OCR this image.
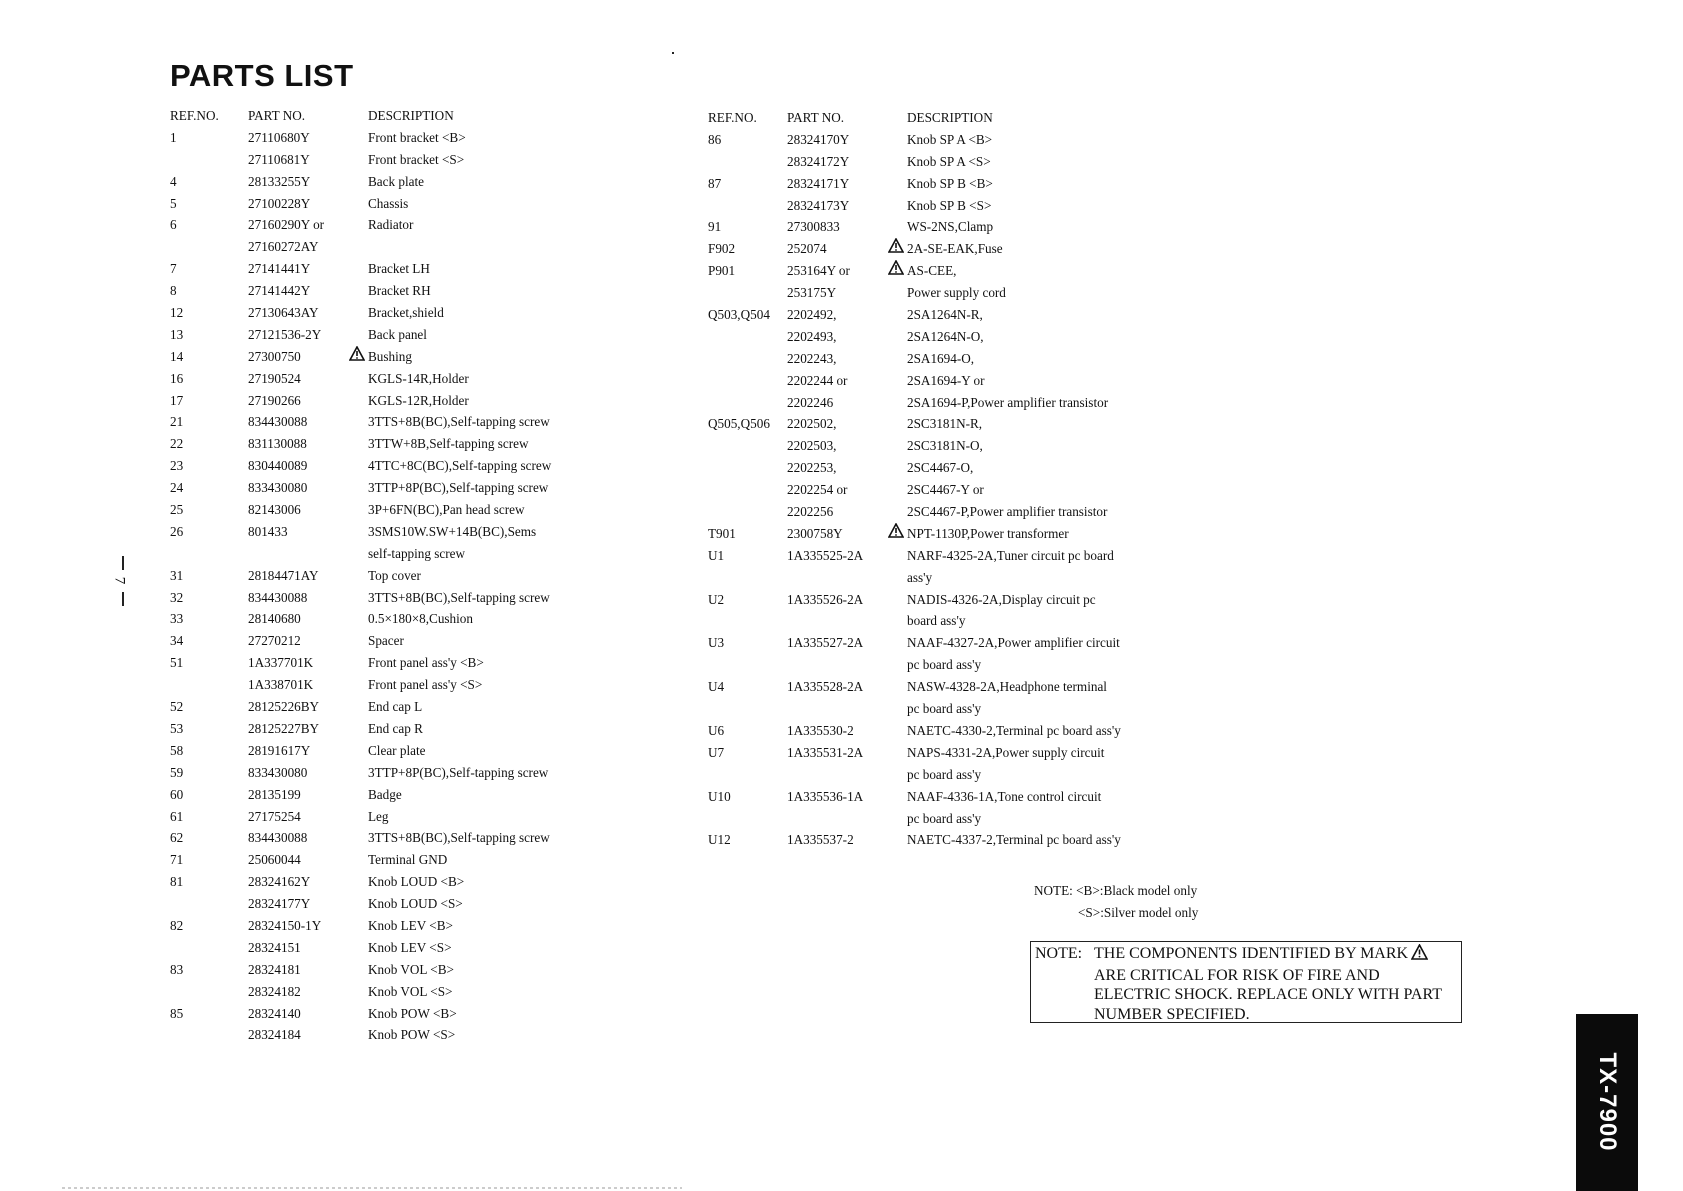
PARTS LIST
7
REF.NO. PART NO.	DESCRIPTION
1	27110680Y	Front bracket <B>
27110681Y	Front bracket <S>
4	28133255Y	Back plate
5	27100228Y	Chassis
6	27160290Y or	Radiator
27160272AY
7	27141441Y	Bracket LH
8	27141442Y	Bracket RH
12	27130643AY	Bracket,shield
13	27121536-2Y	Back panel
14	27300750	Bushing
16	27190524	KGLS-14R,Holder
17	27190266	KGLS-12R,Holder
21	834430088	3TTS+8B(BC),Self-tapping screw
22	831130088	3TTW+8B,Self-tapping screw
23	830440089	4TTC+8C(BC),Self-tapping screw
24	833430080	3TTP+8P(BC),Self-tapping screw
25	82143006	3P+6FN(BC),Pan head screw
26	801433	3SMS10W.SW+14B(BC),Sems
self-tapping screw
31	28184471AY	Top cover
32	834430088	3TTS+8B(BC),Self-tapping screw
33	28140680	0.5×180×8,Cushion
34	27270212	Spacer
51	1A337701K	Front panel ass'y <B>
1A338701K	Front panel ass'y <S>
52	28125226BY	End cap L
53	28125227BY	End cap R
58	28191617Y	Clear plate
59	833430080	3TTP+8P(BC),Self-tapping screw
60	28135199	Badge
61	27175254	Leg
62	834430088	3TTS+8B(BC),Self-tapping screw
71	25060044	Terminal GND
81	28324162Y	Knob LOUD <B>
28324177Y	Knob LOUD <S>
82	28324150-1Y	Knob LEV <B>
28324151	Knob LEV <S>
83	28324181	Knob VOL <B>
28324182	Knob VOL <S>
85	28324140	Knob POW <B>
28324184	Knob POW <S>
REF.NO. PART NO.	DESCRIPTION
86	28324170Y	Knob SP A <B>
28324172Y	Knob SP A <S>
87	28324171Y	Knob SP B <B>
28324173Y	Knob SP B <S>
91	27300833	WS-2NS,Clamp
F902	252074	2A-SE-EAK,Fuse
P901	253164Y or	AS-CEE,
253175Y	Power supply cord
Q503,Q504 2202492,	2SA1264N-R,
2202493,	2SA1264N-O,
2202243,	2SA1694-O,
2202244 or	2SA1694-Y or
2202246	2SA1694-P,Power amplifier transistor
Q505,Q506 2202502,	2SC3181N-R,
2202503,	2SC3181N-O,
2202253,	2SC4467-O,
2202254 or	2SC4467-Y or
2202256	2SC4467-P,Power amplifier transistor
T901	2300758Y	NPT-1130P,Power transformer
U1	1A335525-2A	NARF-4325-2A,Tuner circuit pc board
ass'y
U2	1A335526-2A	NADIS-4326-2A,Display circuit pc
board ass'y
U3	1A335527-2A	NAAF-4327-2A,Power amplifier circuit
pc board ass'y
U4	1A335528-2A	NASW-4328-2A,Headphone terminal
pc board ass'y
U6	1A335530-2	NAETC-4330-2,Terminal pc board ass'y
U7	1A335531-2A	NAPS-4331-2A,Power supply circuit
pc board ass'y
U10	1A335536-1A	NAAF-4336-1A,Tone control circuit
pc board ass'y
U12	1A335537-2	NAETC-4337-2,Terminal pc board ass'y
NOTE: <B>:Black model only
<S>:Silver model only
NOTE: THE COMPONENTS IDENTIFIED BY MARK
ARE CRITICAL FOR RISK OF FIRE AND ELECTRIC SHOCK. REPLACE ONLY WITH PART NUMBER SPECIFIED.
TX-7900
